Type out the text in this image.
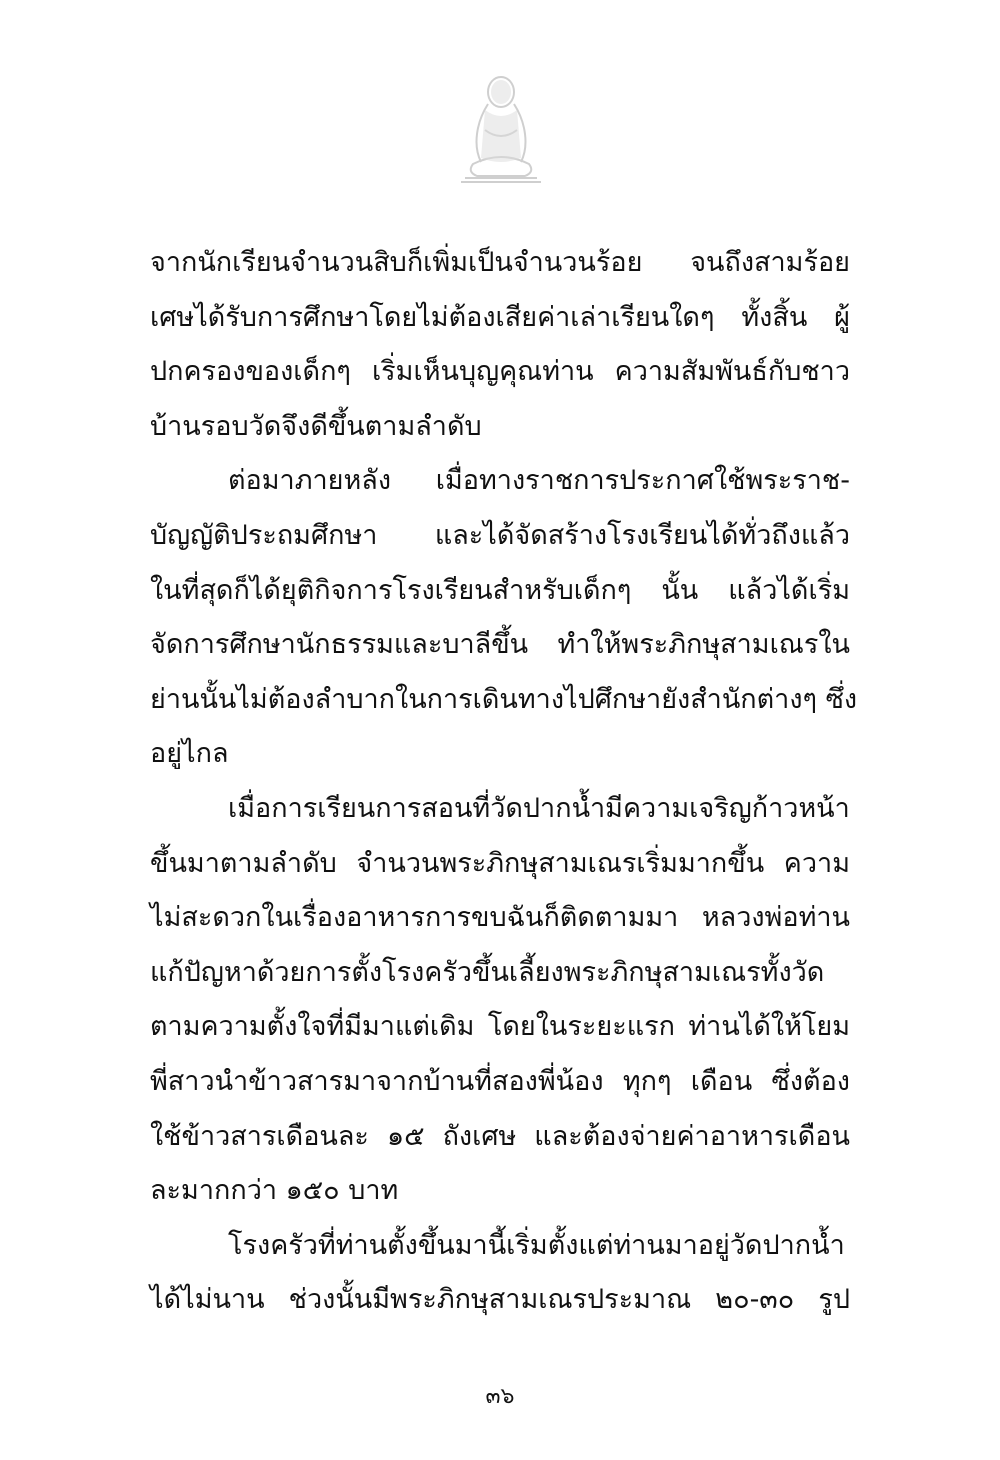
จากนักเรียนจำนวนสิบก็เพิ่มเป็นจำนวนร้อย จนถึงสามร้อย
เศษได้รับการศึกษาโดยไม่ต้องเสียค่าเล่าเรียนใดๆ ทั้งสิ้น ผู้
ปกครองของเด็กๆ เริ่มเห็นบุญคุณท่าน ความสัมพันธ์กับชาว
บ้านรอบวัดจึงดีขึ้นตามลำดับ
ต่อมาภายหลัง เมื่อทางราชการประกาศใช้พระราช-
บัญญัติประถมศึกษา และได้จัดสร้างโรงเรียนได้ทั่วถึงแล้ว
ในที่สุดก็ได้ยุติกิจการโรงเรียนสำหรับเด็กๆ นั้น แล้วได้เริ่ม
จัดการศึกษานักธรรมและบาลีขึ้น ทำให้พระภิกษุสามเณรใน
ย่านนั้นไม่ต้องลำบากในการเดินทางไปศึกษายังสำนักต่างๆ ซึ่ง
อยู่ไกล
เมื่อการเรียนการสอนที่วัดปากน้ำมีความเจริญก้าวหน้า
ขึ้นมาตามลำดับ จำนวนพระภิกษุสามเณรเริ่มมากขึ้น ความ
ไม่สะดวกในเรื่องอาหารการขบฉันก็ติดตามมา หลวงพ่อท่าน
แก้ปัญหาด้วยการตั้งโรงครัวขึ้นเลี้ยงพระภิกษุสามเณรทั้งวัด
ตามความตั้งใจที่มีมาแต่เดิม โดยในระยะแรก ท่านได้ให้โยม
พี่สาวนำข้าวสารมาจากบ้านที่สองพี่น้อง ทุกๆ เดือน ซึ่งต้อง
ใช้ข้าวสารเดือนละ ๑๕ ถังเศษ และต้องจ่ายค่าอาหารเดือน
ละมากกว่า ๑๕๐ บาท
โรงครัวที่ท่านตั้งขึ้นมานี้เริ่มตั้งแต่ท่านมาอยู่วัดปากน้ำ
ได้ไม่นาน ช่วงนั้นมีพระภิกษุสามเณรประมาณ ๒๐-๓๐ รูป
๓๖
